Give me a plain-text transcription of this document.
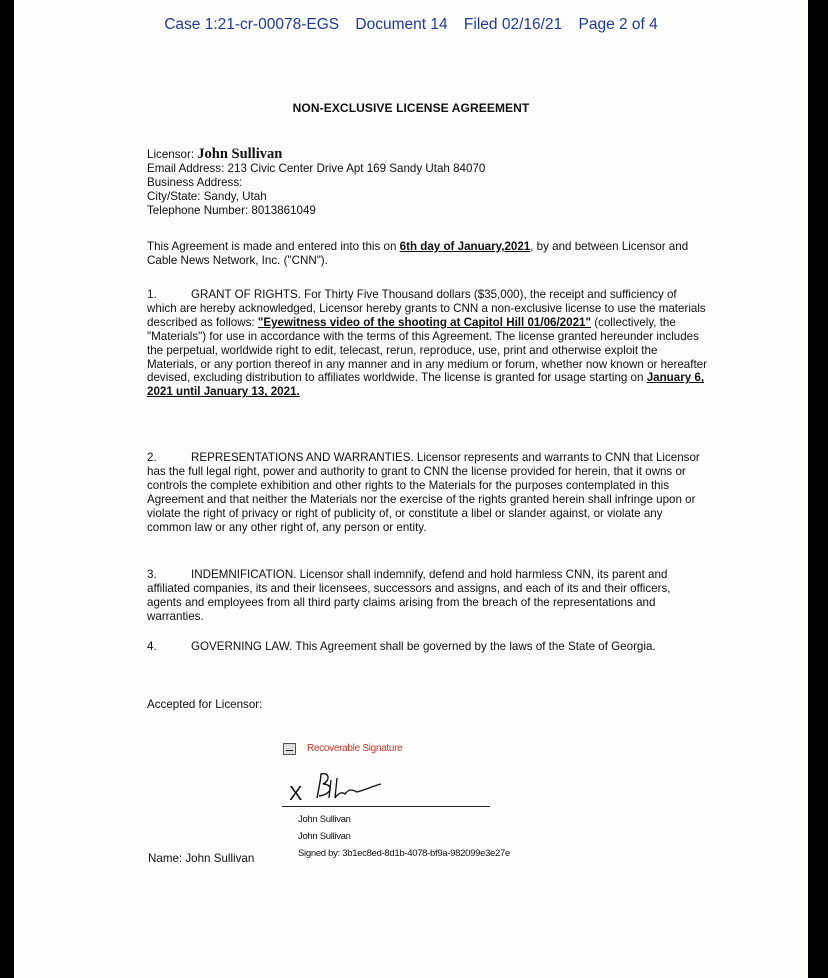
Case 1:21-cr-00078-EGS Document 14 Filed 02/16/21 Page 2 of 4
NON-EXCLUSIVE LICENSE AGREEMENT
Licensor: John Sullivan
Email Address: 213 Civic Center Drive Apt 169 Sandy Utah 84070
Business Address:
City/State: Sandy, Utah
Telephone Number: 8013861049
This Agreement is made and entered into this on 6th day of January,2021, by and between Licensor and Cable News Network, Inc. ("CNN").
1.	GRANT OF RIGHTS. For Thirty Five Thousand dollars ($35,000), the receipt and sufficiency of which are hereby acknowledged, Licensor hereby grants to CNN a non-exclusive license to use the materials described as follows: "Eyewitness video of the shooting at Capitol Hill 01/06/2021" (collectively, the "Materials") for use in accordance with the terms of this Agreement. The license granted hereunder includes the perpetual, worldwide right to edit, telecast, rerun, reproduce, use, print and otherwise exploit the Materials, or any portion thereof in any manner and in any medium or forum, whether now known or hereafter devised, excluding distribution to affiliates worldwide. The license is granted for usage starting on January 6, 2021 until January 13, 2021.
2.	REPRESENTATIONS AND WARRANTIES. Licensor represents and warrants to CNN that Licensor has the full legal right, power and authority to grant to CNN the license provided for herein, that it owns or controls the complete exhibition and other rights to the Materials for the purposes contemplated in this Agreement and that neither the Materials nor the exercise of the rights granted herein shall infringe upon or violate the right of privacy or right of publicity of, or constitute a libel or slander against, or violate any common law or any other right of, any person or entity.
3.	INDEMNIFICATION. Licensor shall indemnify, defend and hold harmless CNN, its parent and affiliated companies, its and their licensees, successors and assigns, and each of its and their officers, agents and employees from all third party claims arising from the breach of the representations and warranties.
4.	GOVERNING LAW. This Agreement shall be governed by the laws of the State of Georgia.
Accepted for Licensor:
Recoverable Signature
X
John Sullivan
John Sullivan
Signed by: 3b1ec8ed-8d1b-4078-bf9a-982099e3e27e
Name: John Sullivan
